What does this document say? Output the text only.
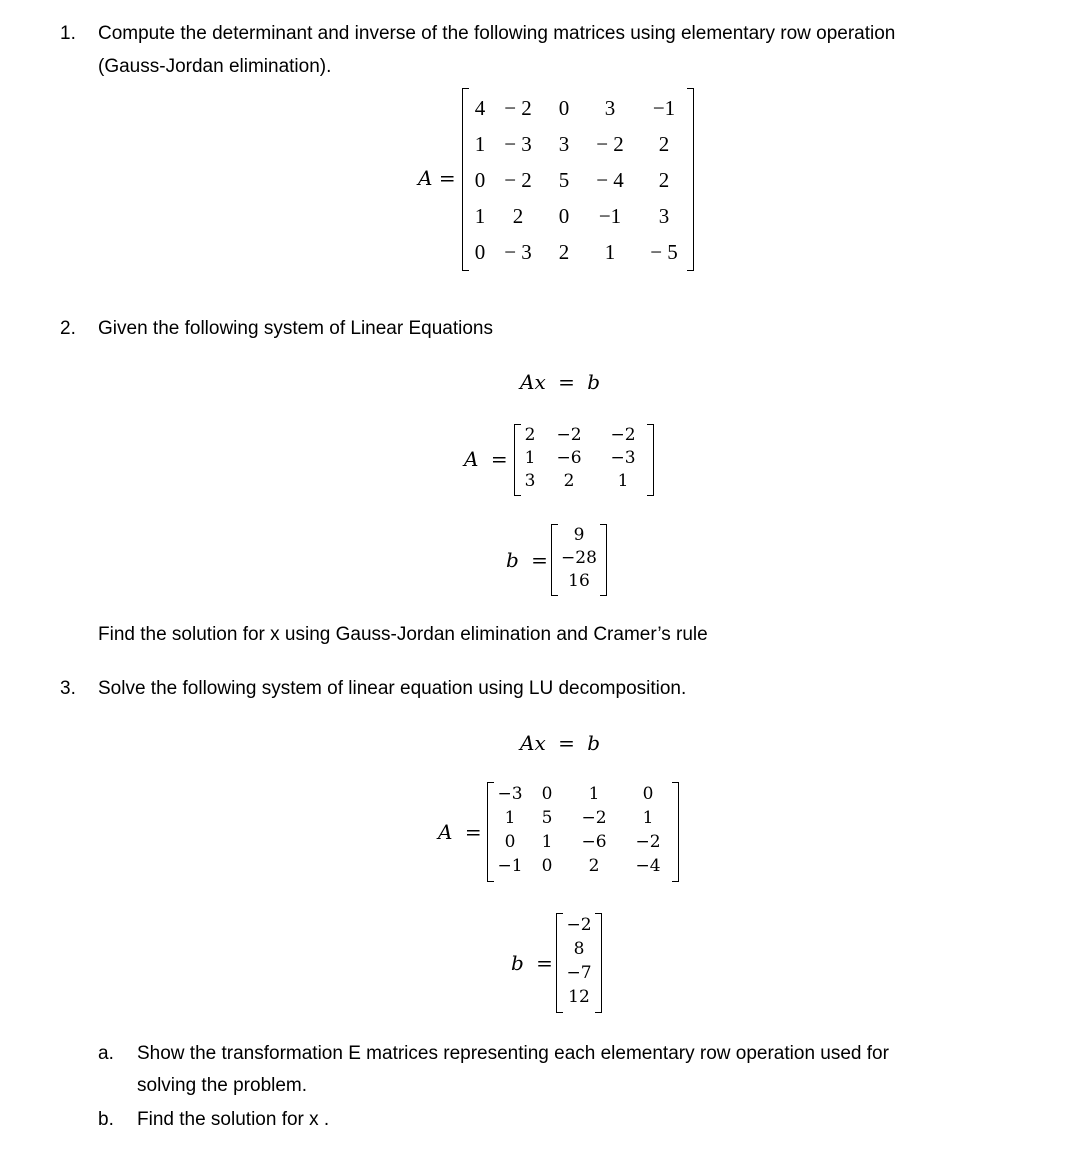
1. Compute the determinant and inverse of the following matrices using elementary row operation
(Gauss-Jordan elimination).
A =
4	− 2	0	3	−1
1	− 3	3	− 2	2
0	− 2	5	− 4	2
1	2	0	−1	3
0	− 3	2	1	− 5
2. Given the following system of Linear Equations
Ax = b
A =
2	−2	−2
1	−6	−3
3	2	1
b =
9
−28
16
Find the solution for x using Gauss-Jordan elimination and Cramer’s rule
3. Solve the following system of linear equation using LU decomposition.
Ax = b
A =
−3	0	1	0
1	5	−2	1
0	1	−6	−2
−1	0	2	−4
b =
−2
8
−7
12
a. Show the transformation E matrices representing each elementary row operation used for
solving the problem.
b. Find the solution for x .
